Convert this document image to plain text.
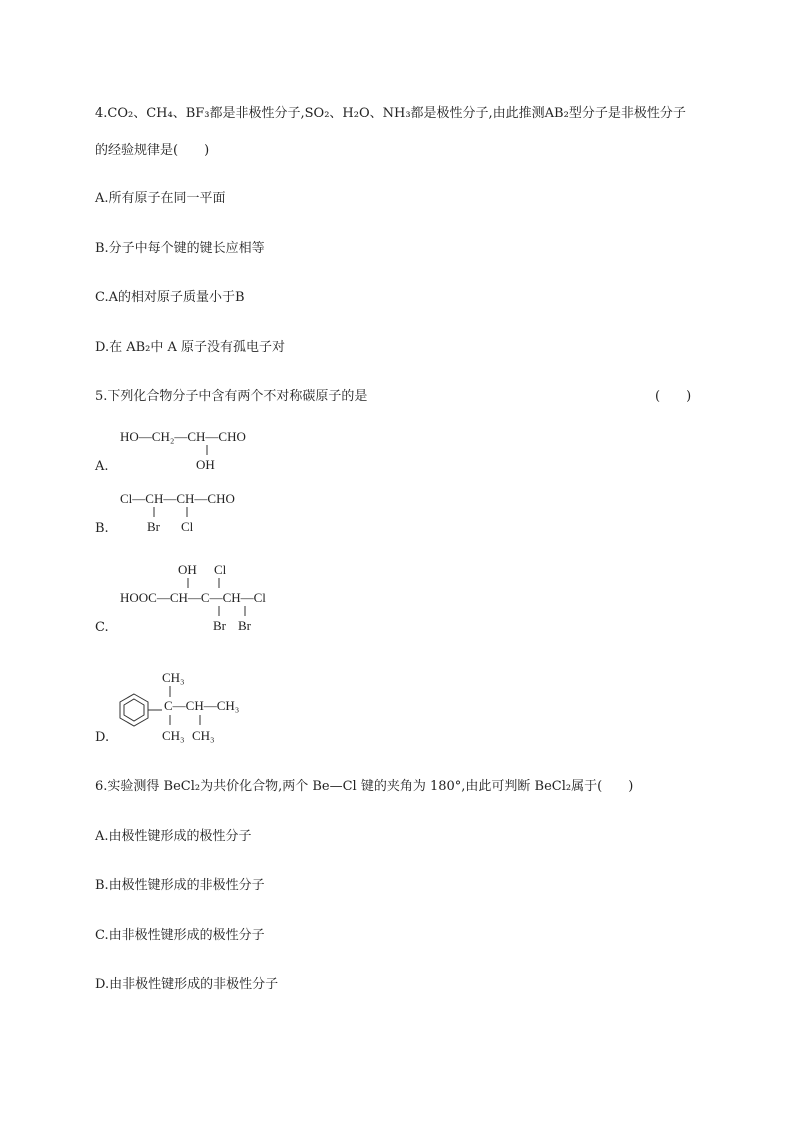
4.CO₂、CH₄、BF₃都是非极性分子,SO₂、H₂O、NH₃都是极性分子,由此推测AB₂型分子是非极性分子
的经验规律是(　　)
A.所有原子在同一平面
B.分子中每个键的键长应相等
C.A的相对原子质量小于B
D.在 AB₂中 A 原子没有孤电子对
5.下列化合物分子中含有两个不对称碳原子的是	(　　)
HO—CH₂—CH—CHO
OH
A.
Cl—CH—CH—CHO
Br Cl
B.
OH Cl
HOOC—CH—C—CH—Cl
Br Br
C.
CH₃
C—CH—CH₃
CH₃ CH₃
D.
6.实验测得 BeCl₂为共价化合物,两个 Be—Cl 键的夹角为 180°,由此可判断 BeCl₂属于(　　)
A.由极性键形成的极性分子
B.由极性键形成的非极性分子
C.由非极性键形成的极性分子
D.由非极性键形成的非极性分子
